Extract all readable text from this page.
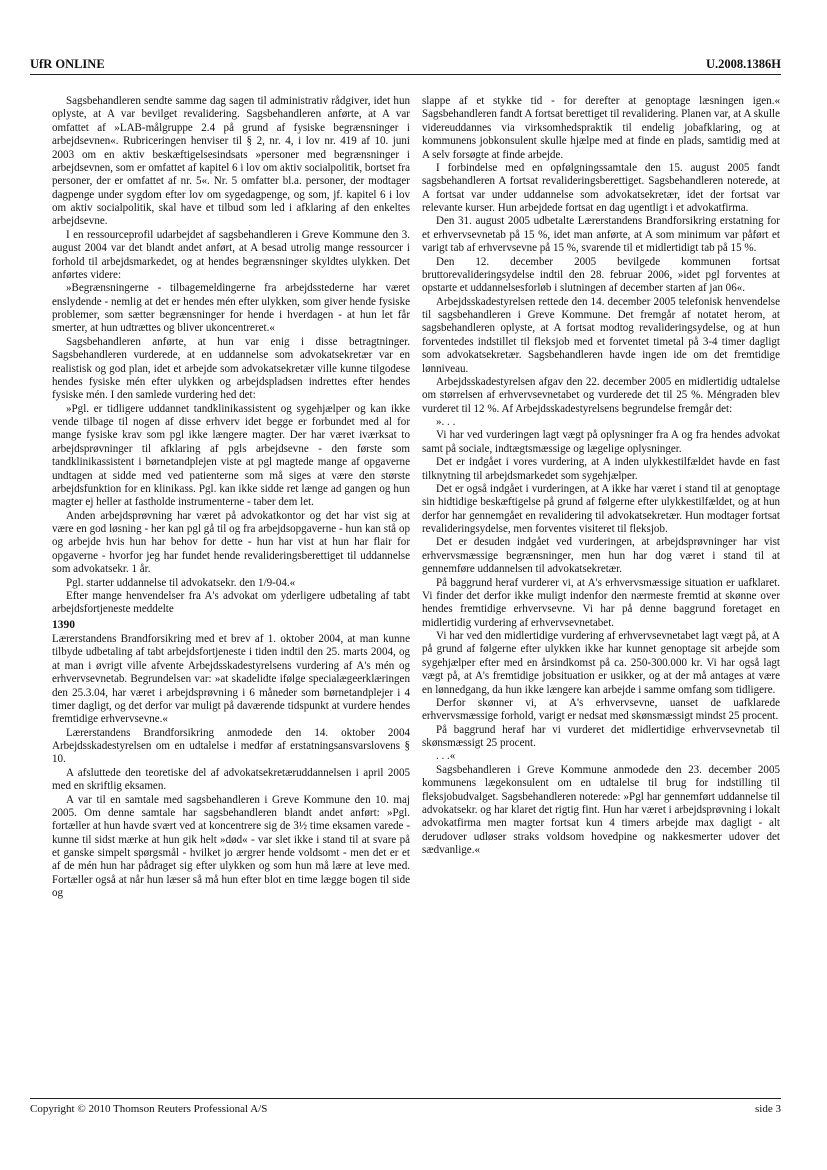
UfR ONLINE	U.2008.1386H

Sagsbehandleren sendte samme dag sagen til administrativ rådgiver, idet hun oplyste, at A var bevilget revalidering. Sagsbehandleren anførte, at A var omfattet af »LAB-målgruppe 2.4 på grund af fysiske begrænsninger i arbejdsevnen«. Rubriceringen henviser til § 2, nr. 4, i lov nr. 419 af 10. juni 2003 om en aktiv beskæftigelsesindsats »personer med begrænsninger i arbejdsevnen, som er omfattet af kapitel 6 i lov om aktiv socialpolitik, bortset fra personer, der er omfattet af nr. 5«. Nr. 5 omfatter bl.a. personer, der modtager dagpenge under sygdom efter lov om sygedagpenge, og som, jf. kapitel 6 i lov om aktiv socialpolitik, skal have et tilbud som led i afklaring af den enkeltes arbejdsevne.

I en ressourceprofil udarbejdet af sagsbehandleren i Greve Kommune den 3. august 2004 var det blandt andet anført, at A besad utrolig mange ressourcer i forhold til arbejdsmarkedet, og at hendes begrænsninger skyldtes ulykken. Det anførtes videre:

»Begrænsningerne - tilbagemeldingerne fra arbejdsstederne har været enslydende - nemlig at det er hendes mén efter ulykken, som giver hende fysiske problemer, som sætter begrænsninger for hende i hverdagen - at hun let får smerter, at hun udtrættes og bliver ukoncentreret.«

Sagsbehandleren anførte, at hun var enig i disse betragtninger. Sagsbehandleren vurderede, at en uddannelse som advokatsekretær var en realistisk og god plan, idet et arbejde som advokatsekretær ville kunne tilgodese hendes fysiske mén efter ulykken og arbejdspladsen indrettes efter hendes fysiske mén. I den samlede vurdering hed det:

»Pgl. er tidligere uddannet tandklinikassistent og sygehjælper og kan ikke vende tilbage til nogen af disse erhverv idet begge er forbundet med al for mange fysiske krav som pgl ikke længere magter. Der har været iværksat to arbejdsprøvninger til afklaring af pgls arbejdsevne - den første som tandklinikassistent i børnetandplejen viste at pgl magtede mange af opgaverne undtagen at sidde med ved patienterne som må siges at være den største arbejdsfunktion for en klinikass. Pgl. kan ikke sidde ret længe ad gangen og hun magter ej heller at fastholde instrumenterne - taber dem let.

Anden arbejdsprøvning har været på advokatkontor og det har vist sig at være en god løsning - her kan pgl gå til og fra arbejdsopgaverne - hun kan stå op og arbejde hvis hun har behov for dette - hun har vist at hun har flair for opgaverne - hvorfor jeg har fundet hende revalideringsberettiget til uddannelse som advokatsekr. 1 år.

Pgl. starter uddannelse til advokatsekr. den 1/9-04.«

Efter mange henvendelser fra A's advokat om yderligere udbetaling af tabt arbejdsfortjeneste meddelte

1390

Lærerstandens Brandforsikring med et brev af 1. oktober 2004, at man kunne tilbyde udbetaling af tabt arbejdsfortjeneste i tiden indtil den 25. marts 2004, og at man i øvrigt ville afvente Arbejdsskadestyrelsens vurdering af A's mén og erhvervsevnetab. Begrundelsen var: »at skadelidte ifølge specialægeerklæringen den 25.3.04, har været i arbejdsprøvning i 6 måneder som børnetandplejer i 4 timer dagligt, og det derfor var muligt på daværende tidspunkt at vurdere hendes fremtidige erhvervsevne.«

Lærerstandens Brandforsikring anmodede den 14. oktober 2004 Arbejdsskadestyrelsen om en udtalelse i medfør af erstatningsansvarslovens § 10.

A afsluttede den teoretiske del af advokatsekretæruddannelsen i april 2005 med en skriftlig eksamen.

A var til en samtale med sagsbehandleren i Greve Kommune den 10. maj 2005. Om denne samtale har sagsbehandleren blandt andet anført: »Pgl. fortæller at hun havde svært ved at koncentrere sig de 3½ time eksamen varede - kunne til sidst mærke at hun gik helt »død« - var slet ikke i stand til at svare på et ganske simpelt spørgsmål - hvilket jo ærgrer hende voldsomt - men det er et af de mén hun har pådraget sig efter ulykken og som hun må lære at leve med. Fortæller også at når hun læser så må hun efter blot en time lægge bogen til side og

slappe af et stykke tid - for derefter at genoptage læsningen igen.« Sagsbehandleren fandt A fortsat berettiget til revalidering. Planen var, at A skulle videreuddannes via virksomhedspraktik til endelig jobafklaring, og at kommunens jobkonsulent skulle hjælpe med at finde en plads, samtidig med at A selv forsøgte at finde arbejde.

I forbindelse med en opfølgningssamtale den 15. august 2005 fandt sagsbehandleren A fortsat revalideringsberettiget. Sagsbehandleren noterede, at A fortsat var under uddannelse som advokatsekretær, idet der fortsat var relevante kurser. Hun arbejdede fortsat en dag ugentligt i et advokatfirma.

Den 31. august 2005 udbetalte Lærerstandens Brandforsikring erstatning for et erhvervsevnetab på 15 %, idet man anførte, at A som minimum var påført et varigt tab af erhvervsevne på 15 %, svarende til et midlertidigt tab på 15 %.

Den 12. december 2005 bevilgede kommunen fortsat bruttorevalideringsydelse indtil den 28. februar 2006, »idet pgl forventes at opstarte et uddannelsesforløb i slutningen af december starten af jan 06«.

Arbejdsskadestyrelsen rettede den 14. december 2005 telefonisk henvendelse til sagsbehandleren i Greve Kommune. Det fremgår af notatet herom, at sagsbehandleren oplyste, at A fortsat modtog revalideringsydelse, og at hun forventedes indstillet til fleksjob med et forventet timetal på 3-4 timer dagligt som advokatsekretær. Sagsbehandleren havde ingen ide om det fremtidige lønniveau.

Arbejdsskadestyrelsen afgav den 22. december 2005 en midlertidig udtalelse om størrelsen af erhvervsevnetabet og vurderede det til 25 %. Méngraden blev vurderet til 12 %. Af Arbejdsskadestyrelsens begrundelse fremgår det:

». . .

Vi har ved vurderingen lagt vægt på oplysninger fra A og fra hendes advokat samt på sociale, indtægtsmæssige og lægelige oplysninger.

Det er indgået i vores vurdering, at A inden ulykkestilfældet havde en fast tilknytning til arbejdsmarkedet som sygehjælper.

Det er også indgået i vurderingen, at A ikke har været i stand til at genoptage sin hidtidige beskæftigelse på grund af følgerne efter ulykkestilfældet, og at hun derfor har gennemgået en revalidering til advokatsekretær. Hun modtager fortsat revalideringsydelse, men forventes visiteret til fleksjob.

Det er desuden indgået ved vurderingen, at arbejdsprøvninger har vist erhvervsmæssige begrænsninger, men hun har dog været i stand til at gennemføre uddannelsen til advokatsekretær.

På baggrund heraf vurderer vi, at A's erhvervsmæssige situation er uafklaret. Vi finder det derfor ikke muligt indenfor den nærmeste fremtid at skønne over hendes fremtidige erhvervsevne. Vi har på denne baggrund foretaget en midlertidig vurdering af erhvervsevnetabet.

Vi har ved den midlertidige vurdering af erhvervsevnetabet lagt vægt på, at A på grund af følgerne efter ulykken ikke har kunnet genoptage sit arbejde som sygehjælper efter med en årsindkomst på ca. 250-300.000 kr. Vi har også lagt vægt på, at A's fremtidige jobsituation er usikker, og at der må antages at være en lønnedgang, da hun ikke længere kan arbejde i samme omfang som tidligere.

Derfor skønner vi, at A's erhvervsevne, uanset de uafklarede erhvervsmæssige forhold, varigt er nedsat med skønsmæssigt mindst 25 procent.

På baggrund heraf har vi vurderet det midlertidige erhvervsevnetab til skønsmæssigt 25 procent.

. . .«

Sagsbehandleren i Greve Kommune anmodede den 23. december 2005 kommunens lægekonsulent om en udtalelse til brug for indstilling til fleksjobudvalget. Sagsbehandleren noterede: »Pgl har gennemført uddannelse til advokatsekr. og har klaret det rigtig fint. Hun har været i arbejdsprøvning i lokalt advokatfirma men magter fortsat kun 4 timers arbejde max dagligt - alt derudover udløser straks voldsom hovedpine og nakkesmerter udover det sædvanlige.«

Copyright © 2010 Thomson Reuters Professional A/S	side 3
